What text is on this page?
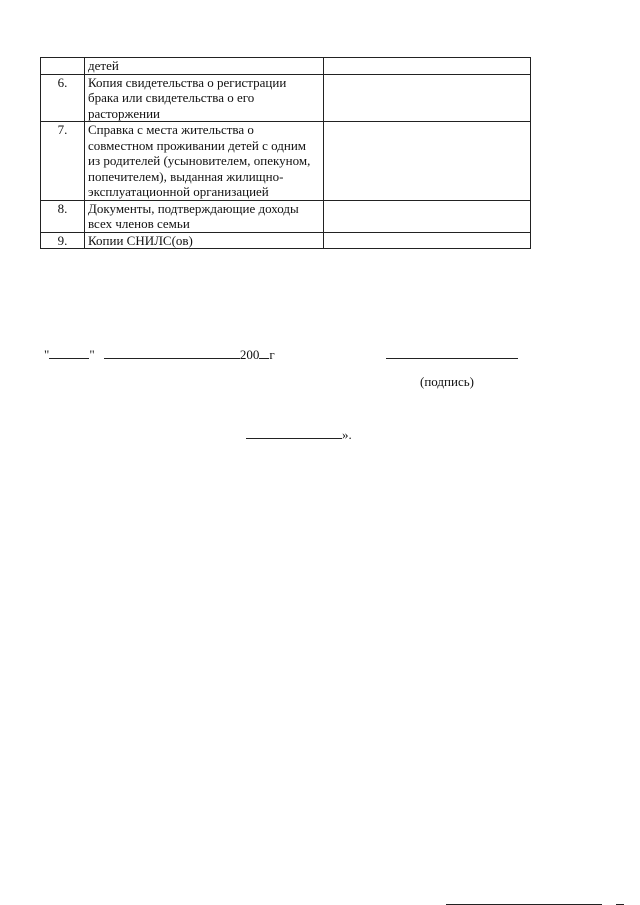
	детей	
6.	Копия свидетельства о регистрации брака или свидетельства о его расторжении	
7.	Справка с места жительства о совместном проживании детей с одним из родителей (усыновителем, опекуном, попечителем), выданная жилищно-эксплуатационной организацией	
8.	Документы, подтверждающие доходы всех членов семьи	
9.	Копии СНИЛС(ов)	
"	"	200 г
(подпись)
».
